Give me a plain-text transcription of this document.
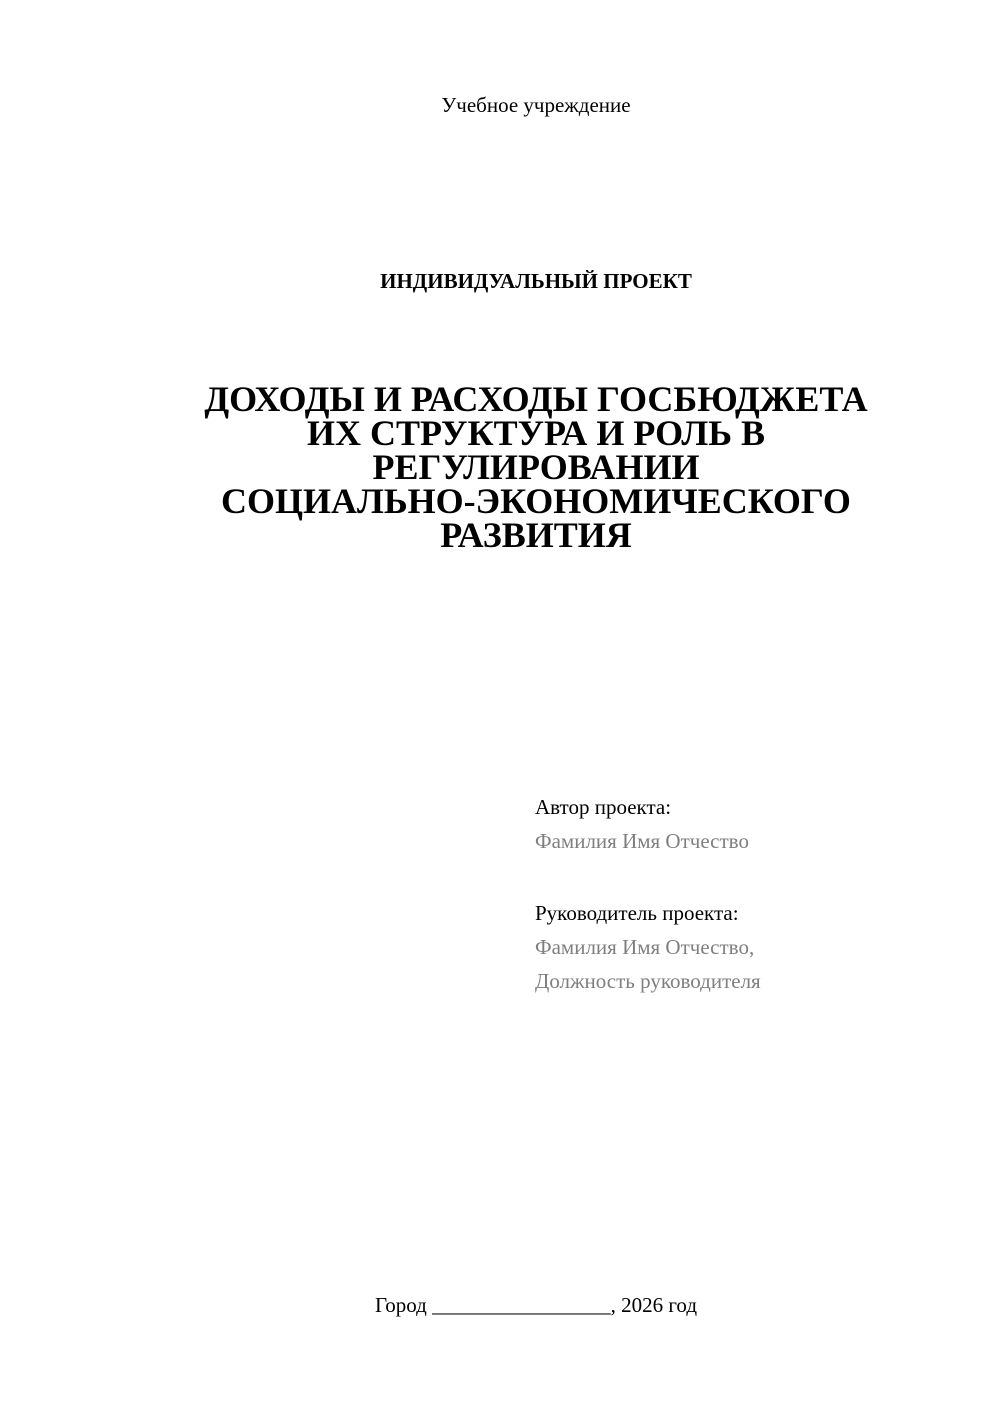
Учебное учреждение
ИНДИВИДУАЛЬНЫЙ ПРОЕКТ
ДОХОДЫ И РАСХОДЫ ГОСБЮДЖЕТА
ИХ СТРУКТУРА И РОЛЬ В
РЕГУЛИРОВАНИИ
СОЦИАЛЬНО-ЭКОНОМИЧЕСКОГО
РАЗВИТИЯ
Автор проекта:
Фамилия Имя Отчество
Руководитель проекта:
Фамилия Имя Отчество,
Должность руководителя
Город _________________, 2026 год
